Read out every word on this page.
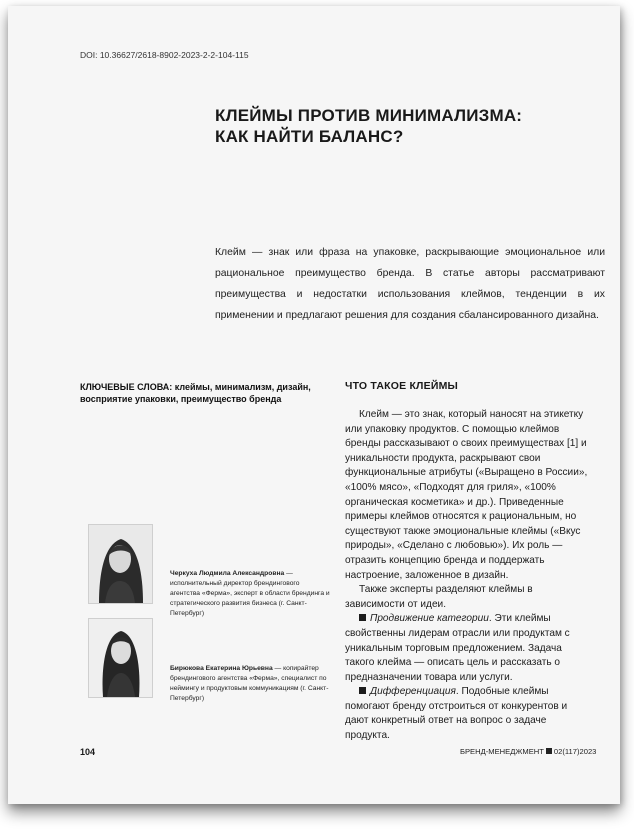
DOI: 10.36627/2618-8902-2023-2-2-104-115
КЛЕЙМЫ ПРОТИВ МИНИМАЛИЗМА:
КАК НАЙТИ БАЛАНС?
Клейм — знак или фраза на упаковке, раскрывающие эмоциональное или рациональное преимущество бренда. В статье авторы рассматривают преимущества и недостатки использования клеймов, тенденции в их применении и предлагают решения для создания сбалансированного дизайна.
КЛЮЧЕВЫЕ СЛОВА: клеймы, минимализм, дизайн, восприятие упаковки, преимущество бренда
Черкуха Людмила Александровна — исполнительный директор брендингового агентства «Ферма», эксперт в области брендинга и стратегического развития бизнеса (г. Санкт-Петербург)
Бирюкова Екатерина Юрьевна — копирайтер брендингового агентства «Ферма», специалист по неймингу и продуктовым коммуникациям (г. Санкт-Петербург)
ЧТО ТАКОЕ КЛЕЙМЫ

Клейм — это знак, который наносят на этикетку или упаковку продуктов. С помощью клеймов бренды рассказывают о своих преимуществах [1] и уникальности продукта, раскрывают свои функциональные атрибуты («Выращено в России», «100% мясо», «Подходят для гриля», «100% органическая косметика» и др.). Приведенные примеры клеймов относятся к рациональным, но существуют также эмоциональные клеймы («Вкус природы», «Сделано с любовью»). Их роль — отразить концепцию бренда и поддержать настроение, заложенное в дизайн.

Также эксперты разделяют клеймы в зависимости от идеи.

Продвижение категории. Эти клеймы свойственны лидерам отрасли или продуктам с уникальным торговым предложением. Задача такого клейма — описать цель и рассказать о предназначении товара или услуги.

Дифференциация. Подобные клеймы помогают бренду отстроиться от конкурентов и дают конкретный ответ на вопрос о задаче продукта.

104	БРЕНД-МЕНЕДЖМЕНТ 02(117)2023
